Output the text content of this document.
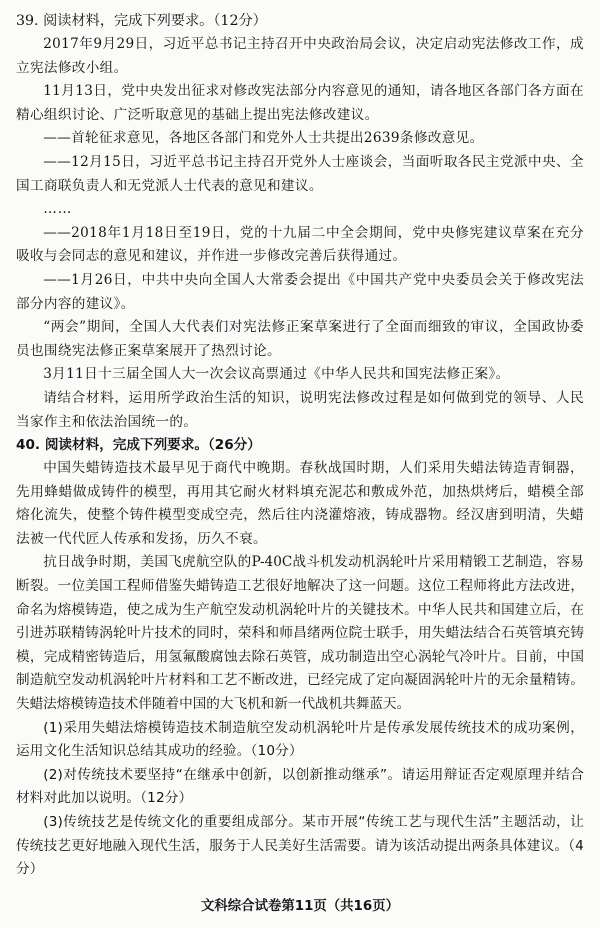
39. 阅读材料，完成下列要求。（12分）

2017年9月29日，习近平总书记主持召开中央政治局会议，决定启动宪法修改工作，成立宪法修改小组。

11月13日，党中央发出征求对修改宪法部分内容意见的通知，请各地区各部门各方面在精心组织讨论、广泛听取意见的基础上提出宪法修改建议。

——首轮征求意见，各地区各部门和党外人士共提出2639条修改意见。

——12月15日，习近平总书记主持召开党外人士座谈会，当面听取各民主党派中央、全国工商联负责人和无党派人士代表的意见和建议。

……

——2018年1月18日至19日，党的十九届二中全会期间，党中央修宪建议草案在充分吸收与会同志的意见和建议，并作进一步修改完善后获得通过。

——1月26日，中共中央向全国人大常委会提出《中国共产党中央委员会关于修改宪法部分内容的建议》。

“两会”期间，全国人大代表们对宪法修正案草案进行了全面而细致的审议，全国政协委员也围绕宪法修正案草案展开了热烈讨论。

3月11日十三届全国人大一次会议高票通过《中华人民共和国宪法修正案》。

请结合材料，运用所学政治生活的知识，说明宪法修改过程是如何做到党的领导、人民当家作主和依法治国统一的。

40. 阅读材料，完成下列要求。（26分）

中国失蜡铸造技术最早见于商代中晚期。春秋战国时期，人们采用失蜡法铸造青铜器，先用蜂蜡做成铸件的模型，再用其它耐火材料填充泥芯和敷成外范，加热烘烤后，蜡模全部熔化流失，使整个铸件模型变成空壳，然后往内浇灌熔液，铸成器物。经汉唐到明清，失蜡法被一代代匠人传承和发扬，历久不衰。

抗日战争时期，美国飞虎航空队的P-40C战斗机发动机涡轮叶片采用精锻工艺制造，容易断裂。一位美国工程师借鉴失蜡铸造工艺很好地解决了这一问题。这位工程师将此方法改进，命名为熔模铸造，使之成为生产航空发动机涡轮叶片的关键技术。中华人民共和国建立后，在引进苏联精铸涡轮叶片技术的同时，荣科和师昌绪两位院士联手，用失蜡法结合石英管填充铸模，完成精密铸造后，用氢氟酸腐蚀去除石英管，成功制造出空心涡轮气冷叶片。目前，中国制造航空发动机涡轮叶片材料和工艺不断改进，已经完成了定向凝固涡轮叶片的无余量精铸。失蜡法熔模铸造技术伴随着中国的大飞机和新一代战机共舞蓝天。

(1)采用失蜡法熔模铸造技术制造航空发动机涡轮叶片是传承发展传统技术的成功案例，运用文化生活知识总结其成功的经验。（10分）

(2)对传统技术要坚持“在继承中创新，以创新推动继承”。请运用辩证否定观原理并结合材料对此加以说明。（12分）

(3)传统技艺是传统文化的重要组成部分。某市开展“传统工艺与现代生活”主题活动，让传统技艺更好地融入现代生活，服务于人民美好生活需要。请为该活动提出两条具体建议。（4分）

文科综合试卷第11页（共16页）
